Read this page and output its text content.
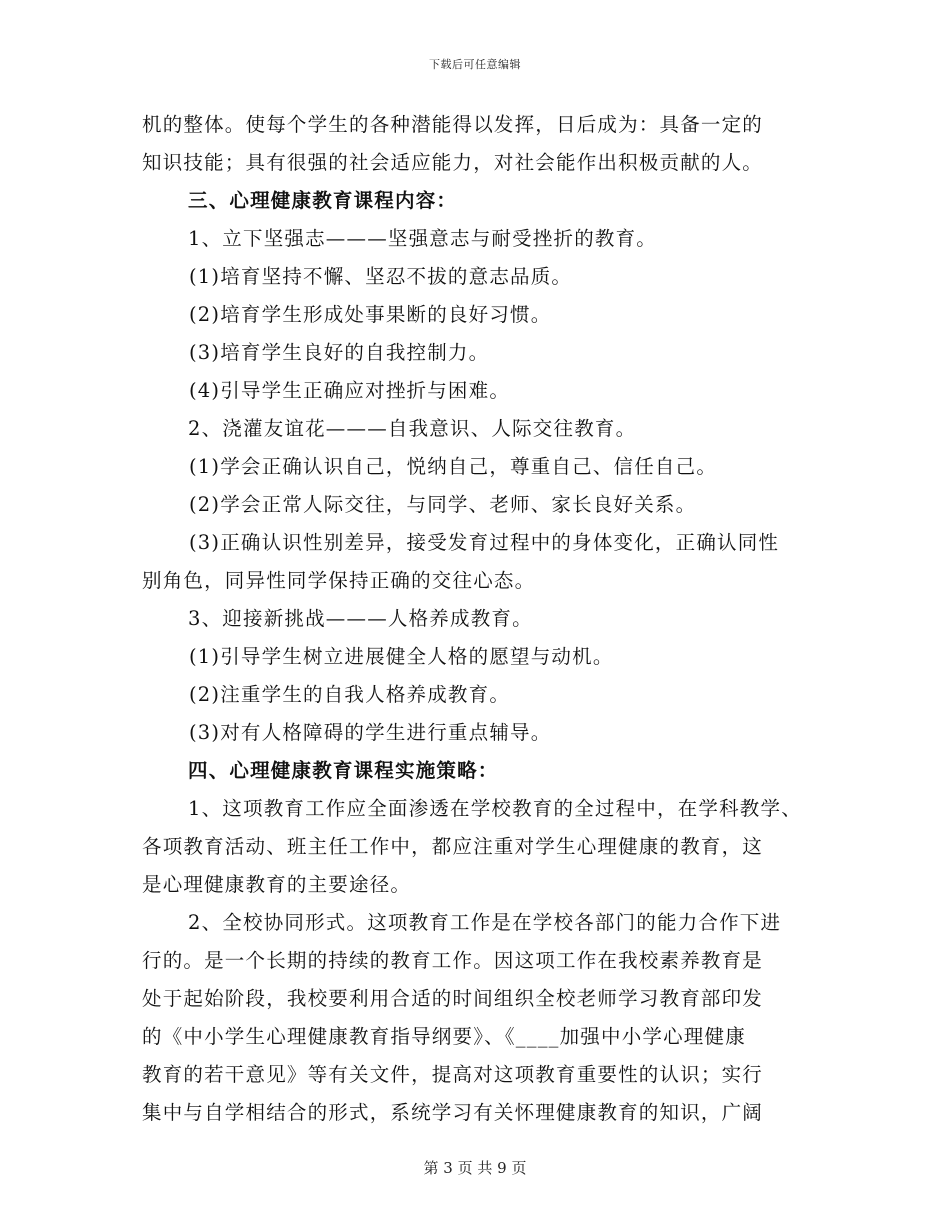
下载后可任意编辑
机的整体。使每个学生的各种潜能得以发挥，日后成为：具备一定的
知识技能；具有很强的社会适应能力，对社会能作出积极贡献的人。
三、心理健康教育课程内容：
1、立下坚强志———坚强意志与耐受挫折的教育。
(1)培育坚持不懈、坚忍不拔的意志品质。
(2)培育学生形成处事果断的良好习惯。
(3)培育学生良好的自我控制力。
(4)引导学生正确应对挫折与困难。
2、浇灌友谊花———自我意识、人际交往教育。
(1)学会正确认识自己，悦纳自己，尊重自己、信任自己。
(2)学会正常人际交往，与同学、老师、家长良好关系。
(3)正确认识性别差异，接受发育过程中的身体变化，正确认同性
别角色，同异性同学保持正确的交往心态。
3、迎接新挑战———人格养成教育。
(1)引导学生树立进展健全人格的愿望与动机。
(2)注重学生的自我人格养成教育。
(3)对有人格障碍的学生进行重点辅导。
四、心理健康教育课程实施策略：
1、这项教育工作应全面渗透在学校教育的全过程中，在学科教学、
各项教育活动、班主任工作中，都应注重对学生心理健康的教育，这
是心理健康教育的主要途径。
2、全校协同形式。这项教育工作是在学校各部门的能力合作下进
行的。是一个长期的持续的教育工作。因这项工作在我校素养教育是
处于起始阶段，我校要利用合适的时间组织全校老师学习教育部印发
的《中小学生心理健康教育指导纲要》、《____加强中小学心理健康
教育的若干意见》等有关文件，提高对这项教育重要性的认识；实行
集中与自学相结合的形式，系统学习有关怀理健康教育的知识，广阔
第 3 页 共 9 页
